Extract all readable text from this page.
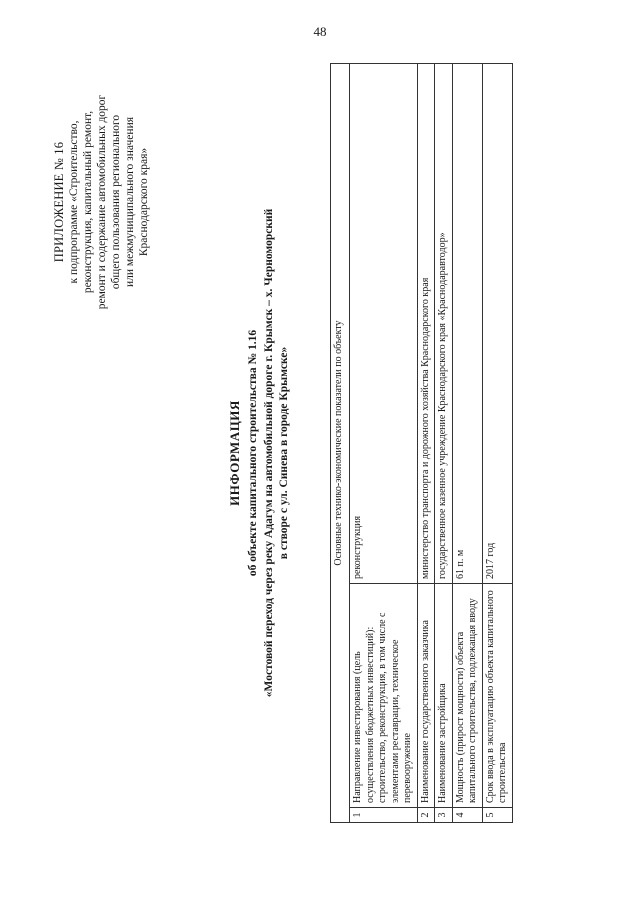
48
ПРИЛОЖЕНИЕ № 16 к подпрограмме «Строительство, реконструкция, капитальный ремонт, ремонт и содержание автомобильных дорог общего пользования регионального или межмуниципального значения Краснодарского края»
ИНФОРМАЦИЯ об объекте капитального строительства № 1.16 «Мостовой переход через реку Адагум на автомобильной дороге г. Крымск – х. Черноморский в створе с ул. Синева в городе Крымске»	Основные технико-экономические показатели по объекту		
1	Направление инвестирования (цель осуществления бюджетных инвестиций): строительство, реконструкция, в том числе с элементами реставрации, техническое перевооружение	реконструкция
2	Наименование государственного заказчика	министерство транспорта и дорожного хозяйства Краснодарского края
3	Наименование застройщика	государственное казенное учреждение Краснодарского края «Краснодаравтодор»
4	Мощность (прирост мощности) объекта капитального строительства, подлежащая вводу	61 п. м
5	Срок ввода в эксплуатацию объекта капитального строительства	2017 год
